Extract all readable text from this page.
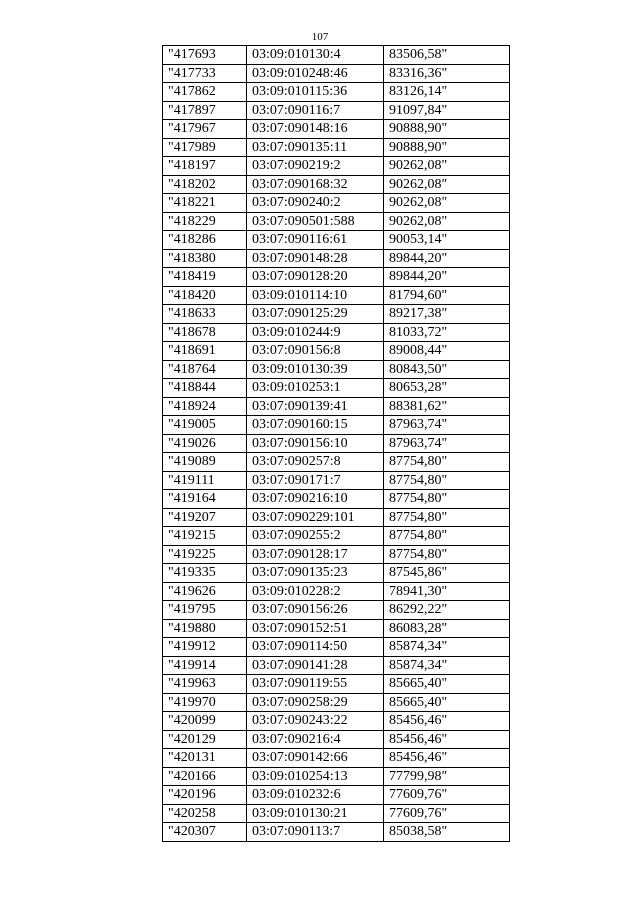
107
"417693	03:09:010130:4	83506,58"
"417733	03:09:010248:46	83316,36"
"417862	03:09:010115:36	83126,14"
"417897	03:07:090116:7	91097,84"
"417967	03:07:090148:16	90888,90"
"417989	03:07:090135:11	90888,90"
"418197	03:07:090219:2	90262,08"
"418202	03:07:090168:32	90262,08"
"418221	03:07:090240:2	90262,08"
"418229	03:07:090501:588	90262,08"
"418286	03:07:090116:61	90053,14"
"418380	03:07:090148:28	89844,20"
"418419	03:07:090128:20	89844,20"
"418420	03:09:010114:10	81794,60"
"418633	03:07:090125:29	89217,38"
"418678	03:09:010244:9	81033,72"
"418691	03:07:090156:8	89008,44"
"418764	03:09:010130:39	80843,50"
"418844	03:09:010253:1	80653,28"
"418924	03:07:090139:41	88381,62"
"419005	03:07:090160:15	87963,74"
"419026	03:07:090156:10	87963,74"
"419089	03:07:090257:8	87754,80"
"419111	03:07:090171:7	87754,80"
"419164	03:07:090216:10	87754,80"
"419207	03:07:090229:101	87754,80"
"419215	03:07:090255:2	87754,80"
"419225	03:07:090128:17	87754,80"
"419335	03:07:090135:23	87545,86"
"419626	03:09:010228:2	78941,30"
"419795	03:07:090156:26	86292,22"
"419880	03:07:090152:51	86083,28"
"419912	03:07:090114:50	85874,34"
"419914	03:07:090141:28	85874,34"
"419963	03:07:090119:55	85665,40"
"419970	03:07:090258:29	85665,40"
"420099	03:07:090243:22	85456,46"
"420129	03:07:090216:4	85456,46"
"420131	03:07:090142:66	85456,46"
"420166	03:09:010254:13	77799,98"
"420196	03:09:010232:6	77609,76"
"420258	03:09:010130:21	77609,76"
"420307	03:07:090113:7	85038,58"
